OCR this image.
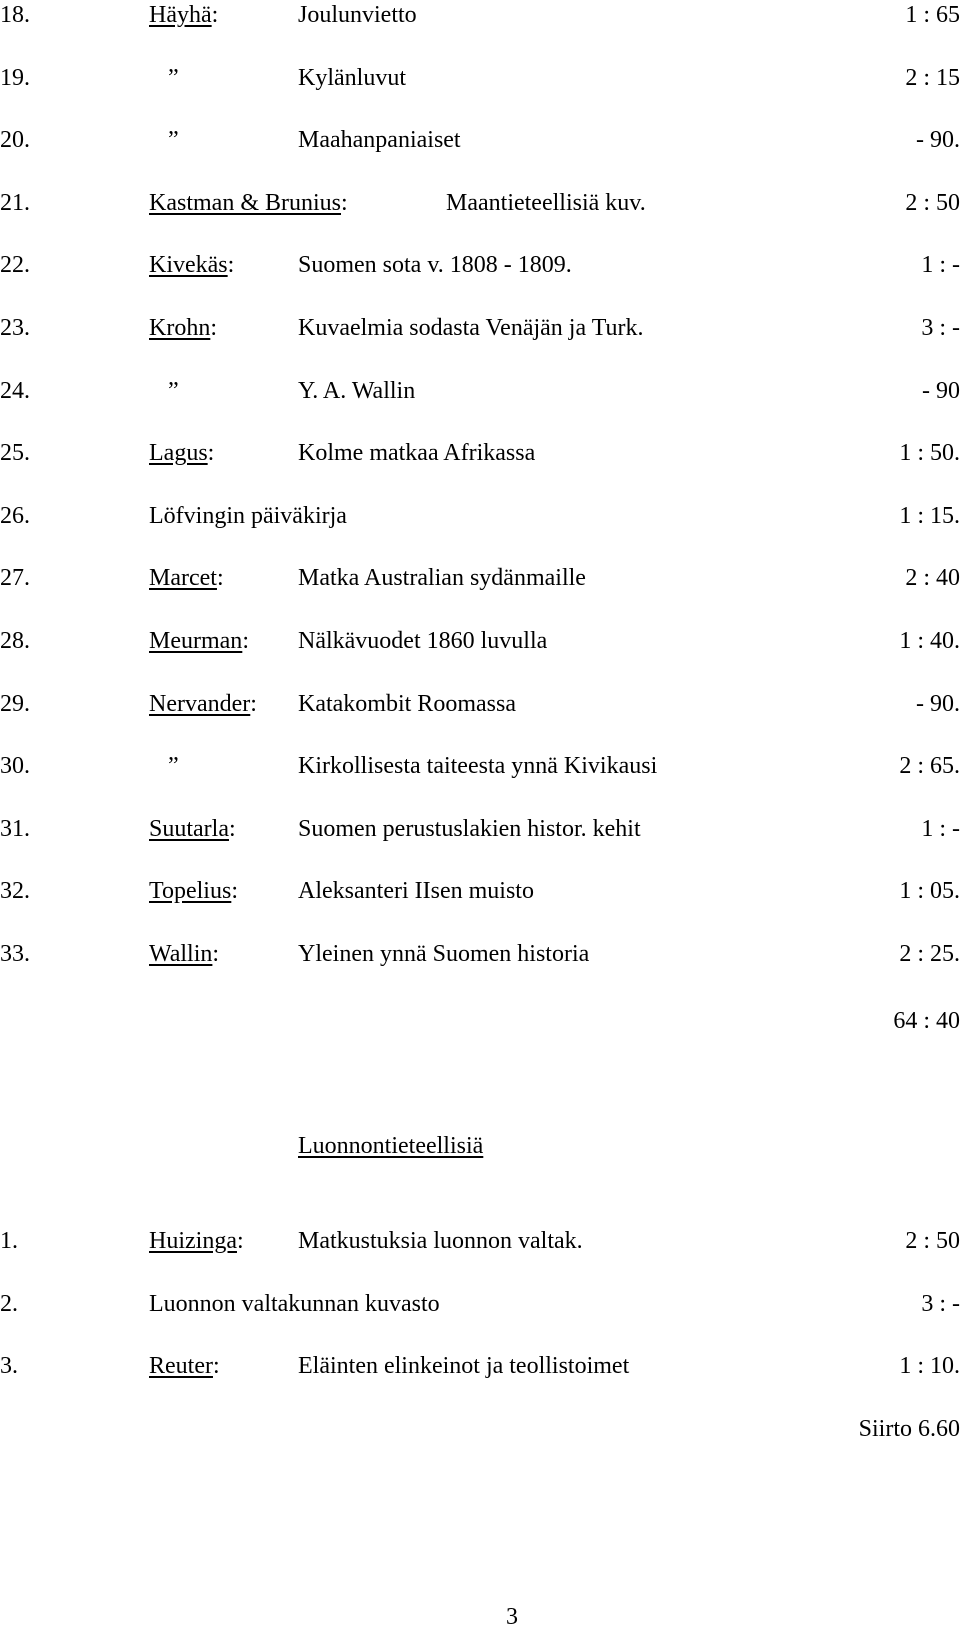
18.	Häyhä:	Joulunvietto	1 : 65
19.	”	Kylänluvut	2 : 15
20.	”	Maahanpaniaiset	- 90.
21.	Kastman & Brunius:	Maantieteellisiä kuv.	2 : 50
22.	Kivekäs:	Suomen sota v. 1808 - 1809.	1 : -
23.	Krohn:	Kuvaelmia sodasta Venäjän ja Turk.	3 : -
24.	”	Y. A. Wallin	- 90
25.	Lagus:	Kolme matkaa Afrikassa	1 : 50.
26.	Löfvingin päiväkirja	1 : 15.
27.	Marcet:	Matka Australian sydänmaille	2 : 40
28.	Meurman: Nälkävuodet 1860 luvulla	1 : 40.
29.	Nervander: Katakombit Roomassa	- 90.
30.	”	Kirkollisesta taiteesta ynnä Kivikausi	2 : 65.
31.	Suutarla:	Suomen perustuslakien histor. kehit	1 : -
32.	Topelius:	Aleksanteri IIsen muisto	1 : 05.
33.	Wallin:	Yleinen ynnä Suomen historia	2 : 25.
64 : 40
Luonnontieteellisiä
1.	Huizinga: Matkustuksia luonnon valtak.	2 : 50
2.	Luonnon valtakunnan kuvasto	3 : -
3.	Reuter:	Eläinten elinkeinot ja teollistoimet	1 : 10.
Siirto 6.60
3
